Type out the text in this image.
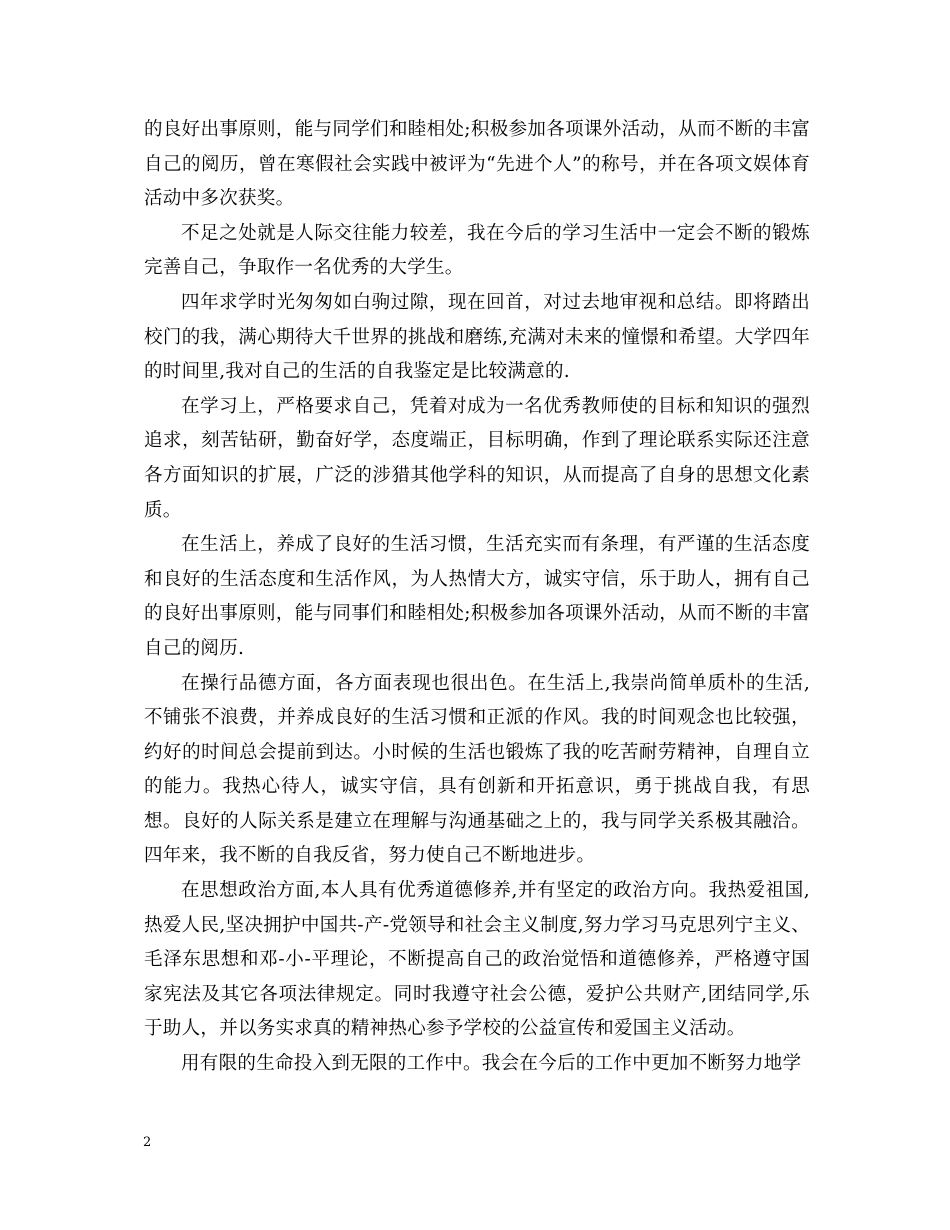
的良好出事原则，能与同学们和睦相处;积极参加各项课外活动，从而不断的丰富自己的阅历，曾在寒假社会实践中被评为“先进个人”的称号，并在各项文娱体育活动中多次获奖。

不足之处就是人际交往能力较差，我在今后的学习生活中一定会不断的锻炼完善自己，争取作一名优秀的大学生。

四年求学时光匆匆如白驹过隙，现在回首，对过去地审视和总结。即将踏出校门的我，满心期待大千世界的挑战和磨练,充满对未来的憧憬和希望。大学四年的时间里,我对自己的生活的自我鉴定是比较满意的.

在学习上，严格要求自己，凭着对成为一名优秀教师使的目标和知识的强烈追求，刻苦钻研，勤奋好学，态度端正，目标明确，作到了理论联系实际还注意各方面知识的扩展，广泛的涉猎其他学科的知识，从而提高了自身的思想文化素质。

在生活上，养成了良好的生活习惯，生活充实而有条理，有严谨的生活态度和良好的生活态度和生活作风，为人热情大方，诚实守信，乐于助人，拥有自己的良好出事原则，能与同事们和睦相处;积极参加各项课外活动，从而不断的丰富自己的阅历.

在操行品德方面，各方面表现也很出色。在生活上,我崇尚简单质朴的生活,不铺张不浪费，并养成良好的生活习惯和正派的作风。我的时间观念也比较强，约好的时间总会提前到达。小时候的生活也锻炼了我的吃苦耐劳精神，自理自立的能力。我热心待人，诚实守信，具有创新和开拓意识，勇于挑战自我，有思想。良好的人际关系是建立在理解与沟通基础之上的，我与同学关系极其融洽。四年来，我不断的自我反省，努力使自己不断地进步。

在思想政治方面,本人具有优秀道德修养,并有坚定的政治方向。我热爱祖国,热爱人民,坚决拥护中国共-产-党领导和社会主义制度,努力学习马克思列宁主义、毛泽东思想和邓-小-平理论，不断提高自己的政治觉悟和道德修养，严格遵守国家宪法及其它各项法律规定。同时我遵守社会公德，爱护公共财产,团结同学,乐于助人，并以务实求真的精神热心参予学校的公益宣传和爱国主义活动。

用有限的生命投入到无限的工作中。我会在今后的工作中更加不断努力地学

2
